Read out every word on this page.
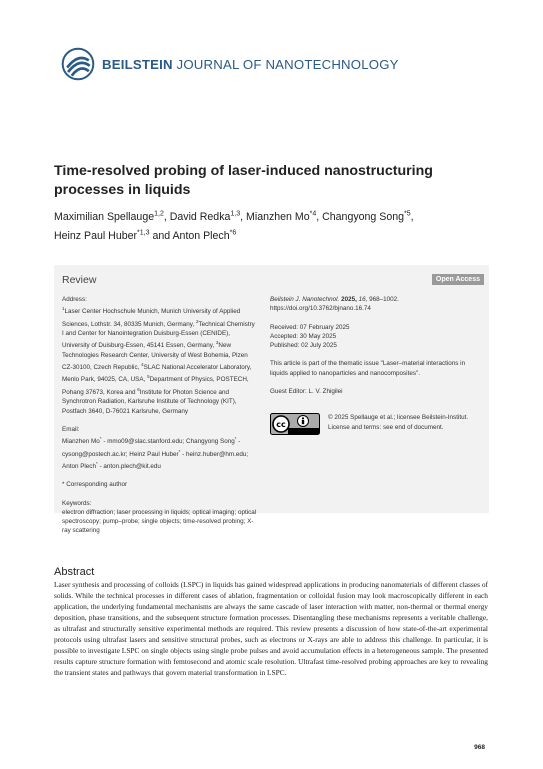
BEILSTEIN JOURNAL OF NANOTECHNOLOGY
Time-resolved probing of laser-induced nanostructuring processes in liquids
Maximilian Spellauge$^{1,2}$, David Redka$^{1,3}$, Mianzhen Mo$^{*4}$, Changyong Song$^{*5}$,
Heinz Paul Huber$^{*1,3}$ and Anton Plech$^{*6}$
Review	Open Access

Address:

$^1$Laser Center Hochschule Munich, Munich University of Applied Sciences, Lothstr. 34, 80335 Munich, Germany, $^2$Technical Chemistry I and Center for Nanointegration Duisburg-Essen (CENIDE), University of Duisburg-Essen, 45141 Essen, Germany, $^3$New Technologies Research Center, University of West Bohemia, Plzen CZ-30100, Czech Republic, $^4$SLAC National Accelerator Laboratory, Menlo Park, 94025, CA, USA, $^5$Department of Physics, POSTECH, Pohang 37673, Korea and $^6$Institute for Photon Science and Synchrotron Radiation, Karlsruhe Institute of Technology (KIT), Postfach 3640, D-76021 Karlsruhe, Germany

Email:

Mianzhen Mo* - mmo09@slac.stanford.edu; Changyong Song* - cysong@postech.ac.kr; Heinz Paul Huber* - heinz.huber@hm.edu; Anton Plech* - anton.plech@kit.edu

* Corresponding author

Keywords:

electron diffraction; laser processing in liquids; optical imaging; optical spectroscopy; pump–probe; single objects; time-resolved probing; X-ray scattering

Beilstein J. Nanotechnol. 2025, 16, 968–1002.

https://doi.org/10.3762/bjnano.16.74

Received: 07 February 2025

Accepted: 30 May 2025

Published: 02 July 2025

This article is part of the thematic issue "Laser–material interactions in liquids applied to nanoparticles and nanocomposites".

Guest Editor: L. V. Zhigilei

cc

© 2025 Spellauge et al.; licensee Beilstein-Institut. License and terms: see end of document.

Abstract

Laser synthesis and processing of colloids (LSPC) in liquids has gained widespread applications in producing nanomaterials of different classes of solids. While the technical processes in different cases of ablation, fragmentation or colloidal fusion may look macroscopically different in each application, the underlying fundamental mechanisms are always the same cascade of laser interaction with matter, non-thermal or thermal energy deposition, phase transitions, and the subsequent structure formation processes. Disentangling these mechanisms represents a veritable challenge, as ultrafast and structurally sensitive experimental methods are required. This review presents a discussion of how state-of-the-art experimental protocols using ultrafast lasers and sensitive structural probes, such as electrons or X-rays are able to address this challenge. In particular, it is possible to investigate LSPC on single objects using single probe pulses and avoid accumulation effects in a heterogeneous sample. The presented results capture structure formation with femtosecond and atomic scale resolution. Ultrafast time-resolved probing approaches are key to revealing the transient states and pathways that govern material transformation in LSPC.

968
